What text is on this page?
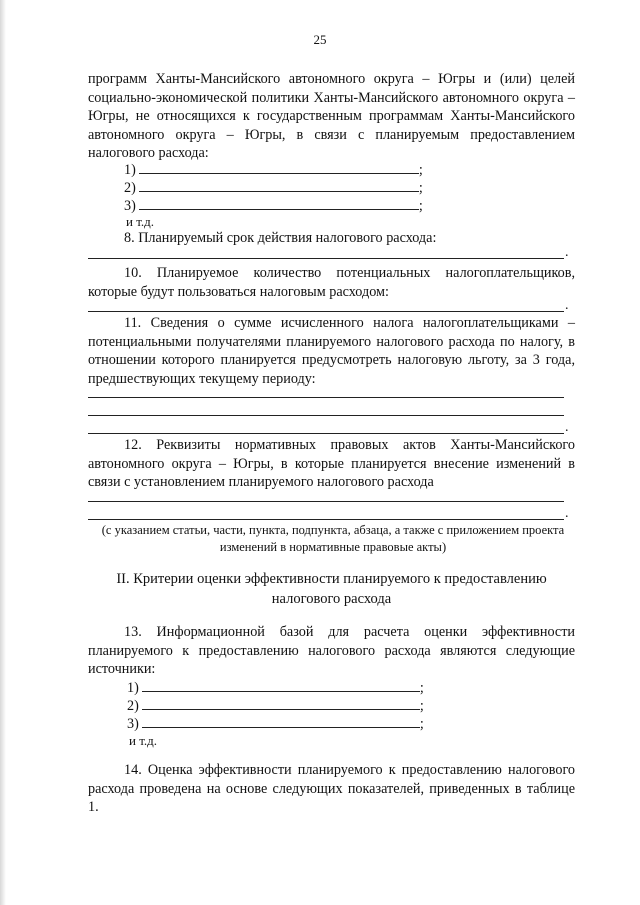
25
программ Ханты-Мансийского автономного округа – Югры и (или) целей социально-экономической политики Ханты-Мансийского автономного округа – Югры, не относящихся к государственным программам Ханты-Мансийского автономного округа – Югры, в связи с планируемым предоставлением налогового расхода:
1)	;
2)	;
3)	;
и т.д.
8. Планируемый срок действия налогового расхода:
.
10. Планируемое количество потенциальных налогоплательщиков, которые будут пользоваться налоговым расходом:
.
11. Сведения о сумме исчисленного налога налогоплательщиками – потенциальными получателями планируемого налогового расхода по налогу, в отношении которого планируется предусмотреть налоговую льготу, за 3 года, предшествующих текущему периоду:
.
12. Реквизиты нормативных правовых актов Ханты-Мансийского автономного округа – Югры, в которые планируется внесение изменений в связи с установлением планируемого налогового расхода
.
(с указанием статьи, части, пункта, подпункта, абзаца, а также с приложением проекта изменений в нормативные правовые акты)
II. Критерии оценки эффективности планируемого к предоставлению налогового расхода
13. Информационной базой для расчета оценки эффективности планируемого к предоставлению налогового расхода являются следующие источники:
1)	;
2)	;
3)	;
и т.д.
14. Оценка эффективности планируемого к предоставлению налогового расхода проведена на основе следующих показателей, приведенных в таблице 1.
